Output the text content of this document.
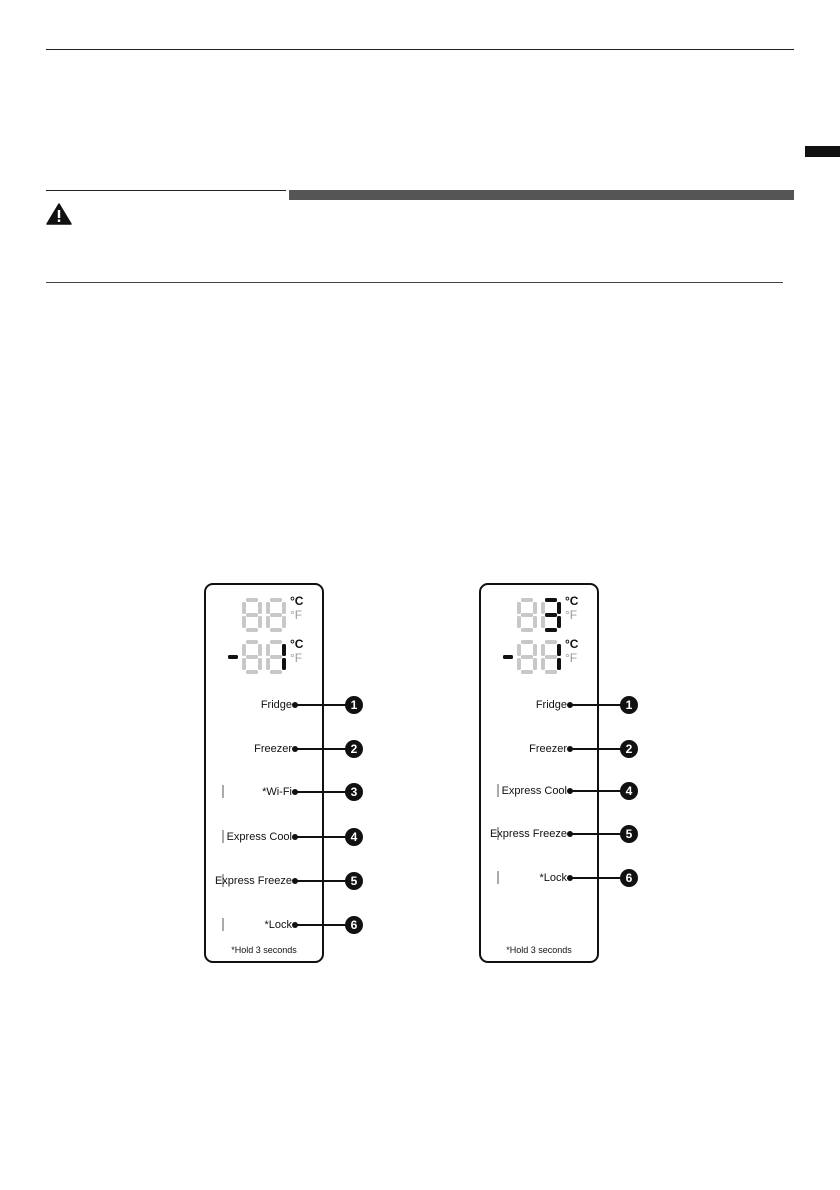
°C
°F
°C
°F
Fridge	1
Freezer	2
*Wi-Fi	3
Express Cool	4
Express Freeze	5
*Lock	6
*Hold 3 seconds
°C
°F
°C
°F
Fridge	1
Freezer	2
Express Cool	4
Express Freeze	5
*Lock	6
*Hold 3 seconds
